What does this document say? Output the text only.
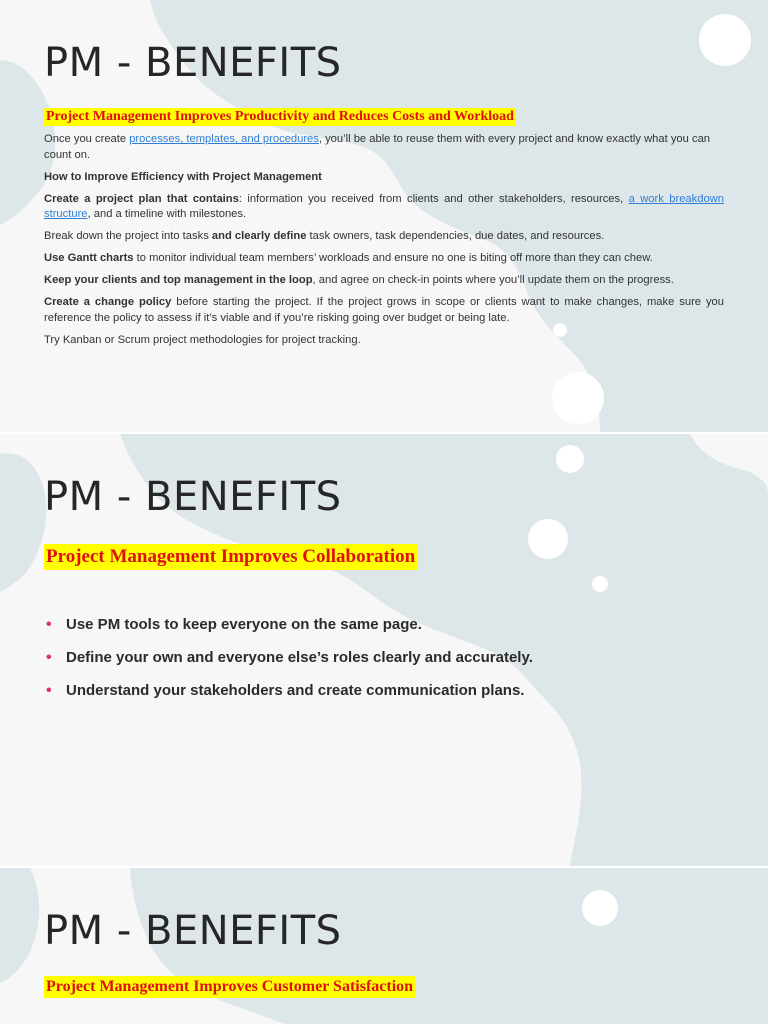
PM - BENEFITS
Project Management Improves Productivity and Reduces Costs and Workload

Once you create processes, templates, and procedures, you’ll be able to reuse them with every project and know exactly what you can count on.

How to Improve Efficiency with Project Management

Create a project plan that contains: information you received from clients and other stakeholders, resources, a work breakdown structure, and a timeline with milestones.

Break down the project into tasks and clearly define task owners, task dependencies, due dates, and resources.

Use Gantt charts to monitor individual team members’ workloads and ensure no one is biting off more than they can chew.

Keep your clients and top management in the loop, and agree on check-in points where you’ll update them on the progress.

Create a change policy before starting the project. If the project grows in scope or clients want to make changes, make sure you reference the policy to assess if it’s viable and if you’re risking going over budget or being late.

Try Kanban or Scrum project methodologies for project tracking.

PM - BENEFITS
Project Management Improves Collaboration
• Use PM tools to keep everyone on the same page.
• Define your own and everyone else’s roles clearly and accurately.
• Understand your stakeholders and create communication plans.
PM - BENEFITS
Project Management Improves Customer Satisfaction
